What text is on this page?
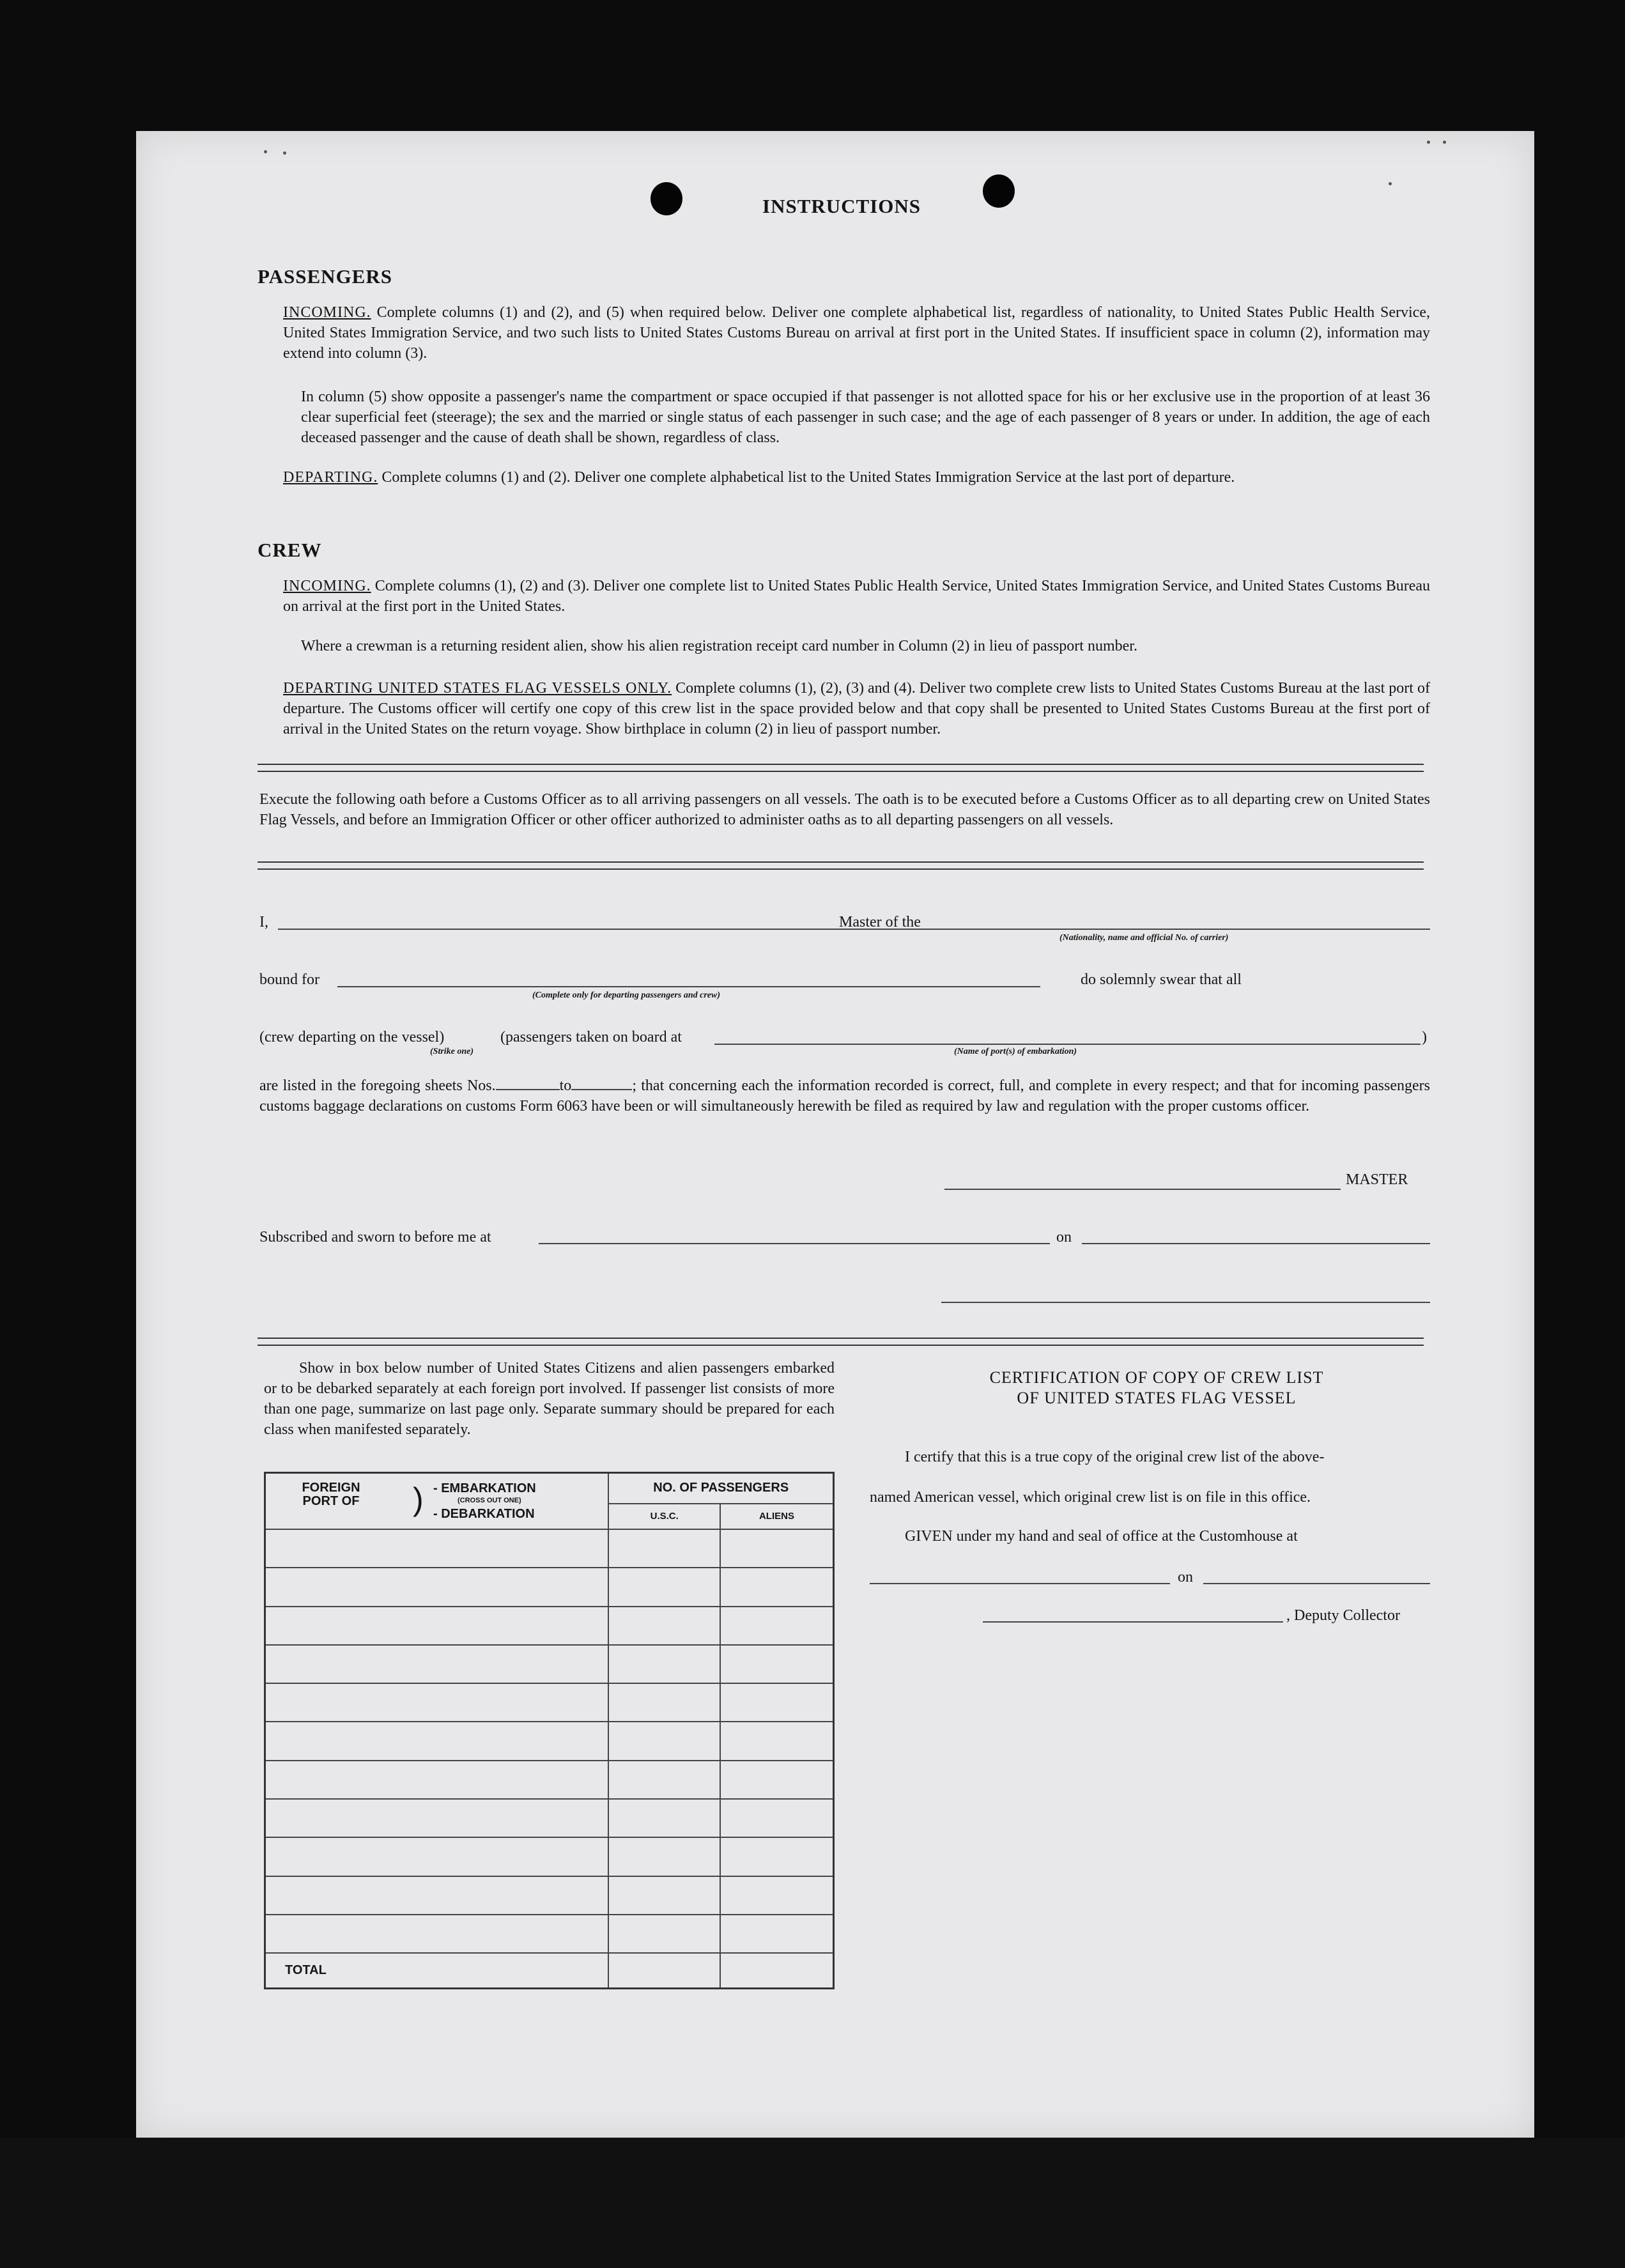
INSTRUCTIONS
PASSENGERS
INCOMING. Complete columns (1) and (2), and (5) when required below. Deliver one complete alphabetical list, regardless of nationality, to United States Public Health Service, United States Immigration Service, and two such lists to United States Customs Bureau on arrival at first port in the United States. If insufficient space in column (2), information may extend into column (3).
In column (5) show opposite a passenger's name the compartment or space occupied if that passenger is not allotted space for his or her exclusive use in the proportion of at least 36 clear superficial feet (steerage); the sex and the married or single status of each passenger in such case; and the age of each passenger of 8 years or under. In addition, the age of each deceased passenger and the cause of death shall be shown, regardless of class.
DEPARTING. Complete columns (1) and (2). Deliver one complete alphabetical list to the United States Immigration Service at the last port of departure.
CREW
INCOMING. Complete columns (1), (2) and (3). Deliver one complete list to United States Public Health Service, United States Immigration Service, and United States Customs Bureau on arrival at the first port in the United States.
Where a crewman is a returning resident alien, show his alien registration receipt card number in Column (2) in lieu of passport number.
DEPARTING UNITED STATES FLAG VESSELS ONLY. Complete columns (1), (2), (3) and (4). Deliver two complete crew lists to United States Customs Bureau at the last port of departure. The Customs officer will certify one copy of this crew list in the space provided below and that copy shall be presented to United States Customs Bureau at the first port of arrival in the United States on the return voyage. Show birthplace in column (2) in lieu of passport number.
Execute the following oath before a Customs Officer as to all arriving passengers on all vessels. The oath is to be executed before a Customs Officer as to all departing crew on United States Flag Vessels, and before an Immigration Officer or other officer authorized to administer oaths as to all departing passengers on all vessels.
I,	Master of the
(Nationality, name and official No. of carrier)
bound for	do solemnly swear that all
(Complete only for departing passengers and crew)
(crew departing on the vessel)	(passengers taken on board at	)
(Strike one)	(Name of port(s) of embarkation)
are listed in the foregoing sheets Nos.	to	; that concerning each the information recorded is correct, full, and complete in every respect; and that for incoming passengers customs baggage declarations on customs Form 6063 have been or will simultaneously herewith be filed as required by law and regulation with the proper customs officer.
MASTER
Subscribed and sworn to before me at	on
Show in box below number of United States Citizens and alien passengers embarked or to be debarked separately at each foreign port involved. If passenger list consists of more than one page, summarize on last page only. Separate summary should be prepared for each class when manifested separately.
FOREIGN PORT OF ) - EMBARKATION
(CROSS OUT ONE)
- DEBARKATION	NO. OF PASSENGERS	
	U.S.C.	ALIENS

TOTAL		
CERTIFICATION OF COPY OF CREW LIST
OF UNITED STATES FLAG VESSEL
I certify that this is a true copy of the original crew list of the above-
named American vessel, which original crew list is on file in this office.
GIVEN under my hand and seal of office at the Customhouse at
on
, Deputy Collector
